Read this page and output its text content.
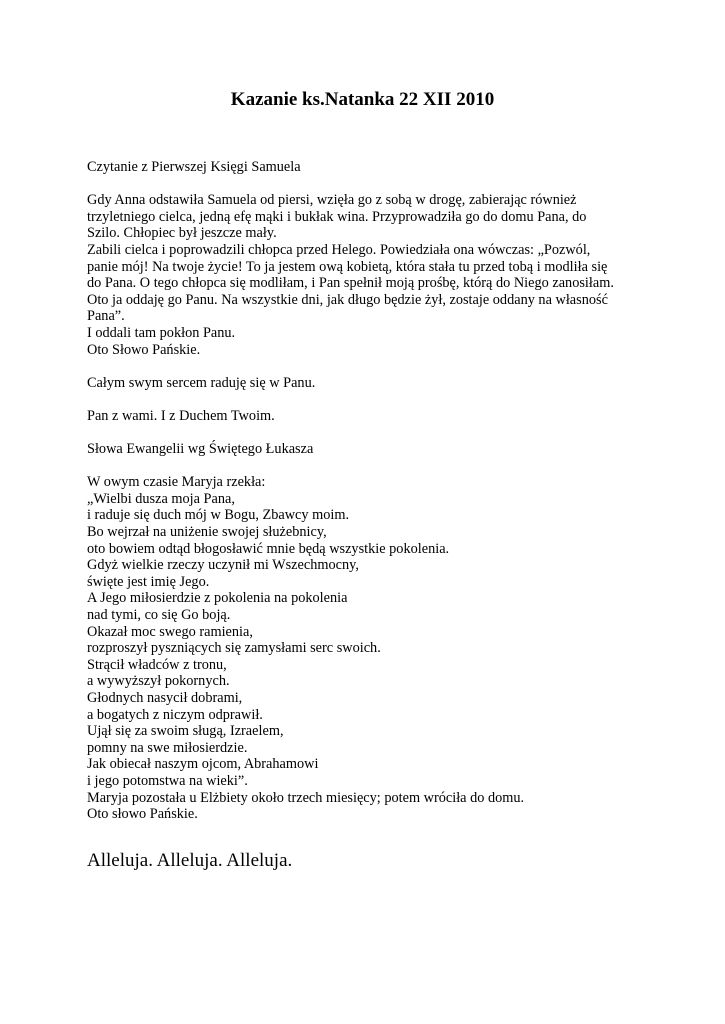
Kazanie ks.Natanka 22 XII 2010
Czytanie z Pierwszej Księgi Samuela
Gdy Anna odstawiła Samuela od piersi, wzięła go z sobą w drogę, zabierając również
trzyletniego cielca, jedną efę mąki i bukłak wina. Przyprowadziła go do domu Pana, do
Szilo. Chłopiec był jeszcze mały.
Zabili cielca i poprowadzili chłopca przed Helego. Powiedziała ona wówczas: „Pozwól,
panie mój! Na twoje życie! To ja jestem ową kobietą, która stała tu przed tobą i modliła się
do Pana. O tego chłopca się modliłam, i Pan spełnił moją prośbę, którą do Niego zanosiłam.
Oto ja oddaję go Panu. Na wszystkie dni, jak długo będzie żył, zostaje oddany na własność
Pana”.
I oddali tam pokłon Panu.
Oto Słowo Pańskie.
Całym swym sercem raduję się w Panu.
Pan z wami. I z Duchem Twoim.
Słowa Ewangelii wg Świętego Łukasza
W owym czasie Maryja rzekła:
„Wielbi dusza moja Pana,
i raduje się duch mój w Bogu, Zbawcy moim.
Bo wejrzał na uniżenie swojej służebnicy,
oto bowiem odtąd błogosławić mnie będą wszystkie pokolenia.
Gdyż wielkie rzeczy uczynił mi Wszechmocny,
święte jest imię Jego.
A Jego miłosierdzie z pokolenia na pokolenia
nad tymi, co się Go boją.
Okazał moc swego ramienia,
rozproszył pyszniących się zamysłami serc swoich.
Strącił władców z tronu,
a wywyższył pokornych.
Głodnych nasycił dobrami,
a bogatych z niczym odprawił.
Ujął się za swoim sługą, Izraelem,
pomny na swe miłosierdzie.
Jak obiecał naszym ojcom, Abrahamowi
i jego potomstwa na wieki”.
Maryja pozostała u Elżbiety około trzech miesięcy; potem wróciła do domu.
Oto słowo Pańskie.
Alleluja. Alleluja. Alleluja.
